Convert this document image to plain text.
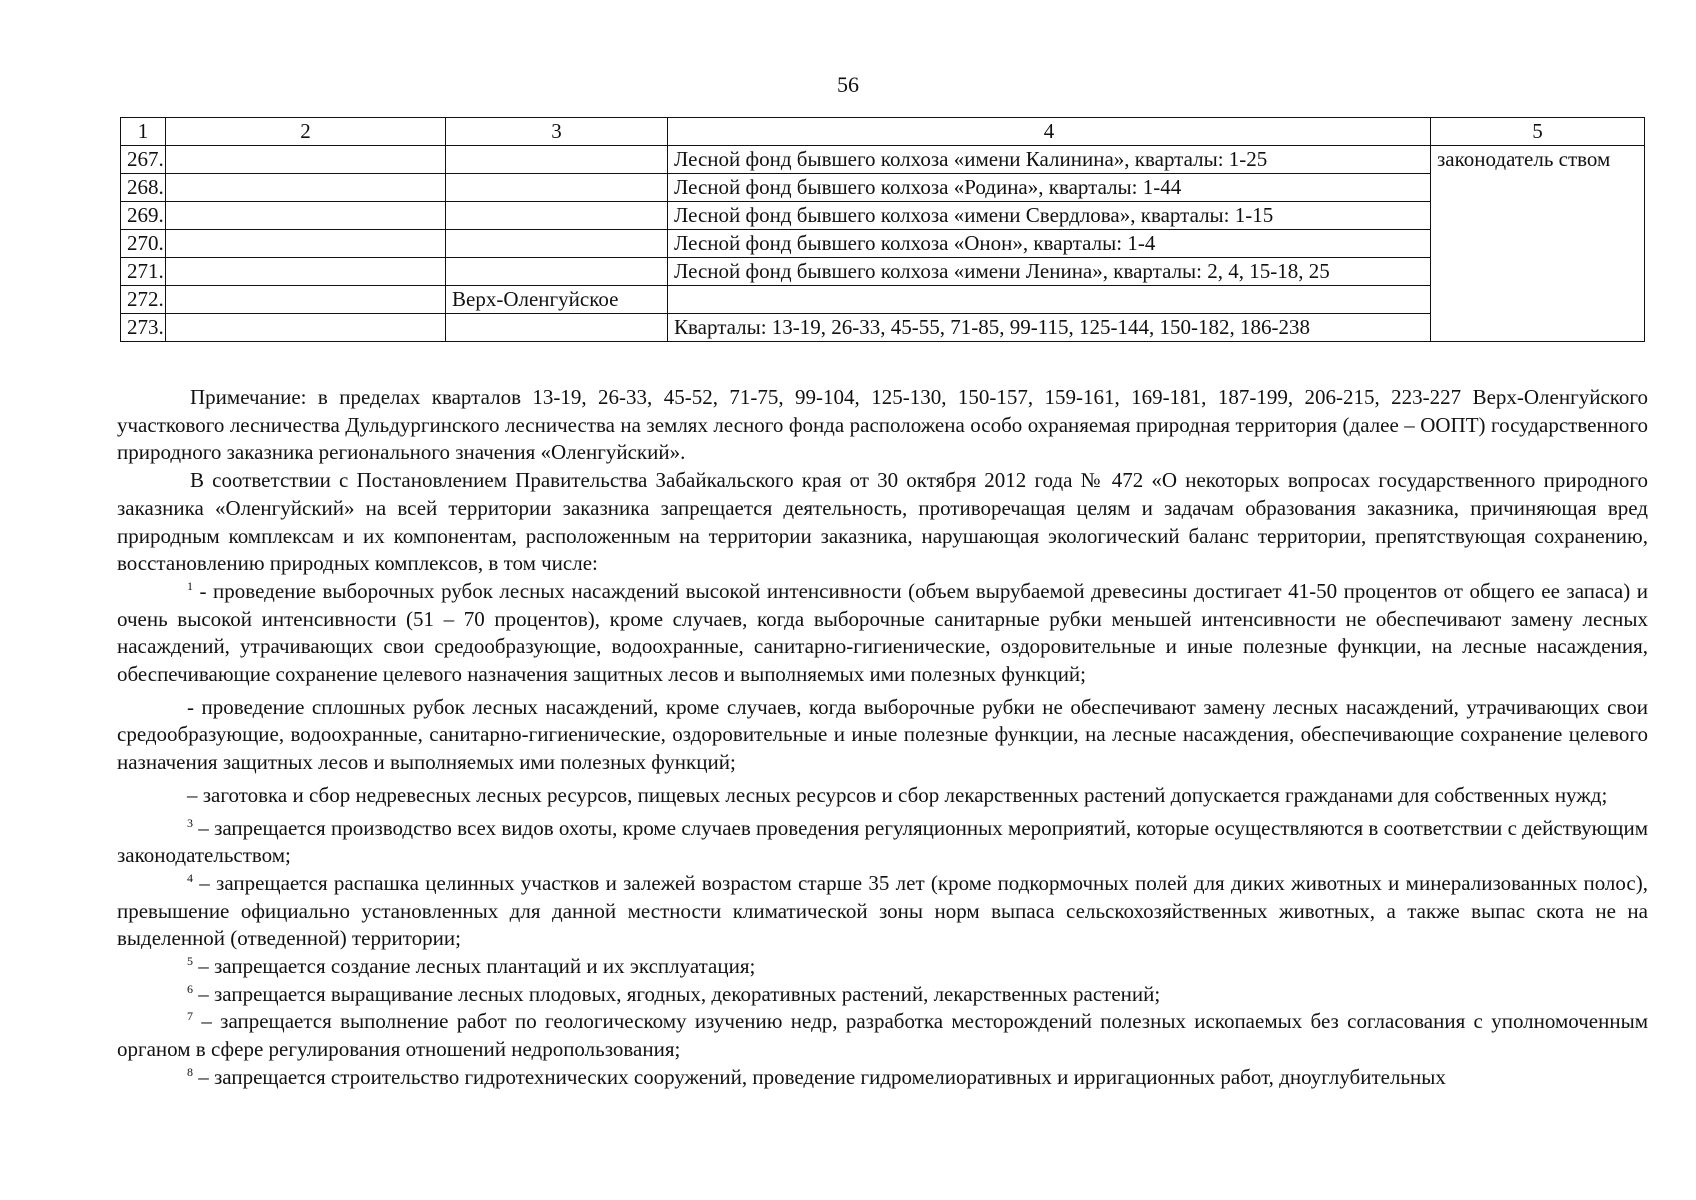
56
1	2	3	4	5
267.			Лесной фонд бывшего колхоза «имени Калинина», кварталы: 1-25	законодатель ством
268.			Лесной фонд бывшего колхоза «Родина», кварталы: 1-44	
269.			Лесной фонд бывшего колхоза «имени Свердлова», кварталы: 1-15	
270.			Лесной фонд бывшего колхоза «Онон», кварталы: 1-4	
271.			Лесной фонд бывшего колхоза «имени Ленина», кварталы: 2, 4, 15-18, 25	
272.		Верх-Оленгуйское		
273.			Кварталы: 13-19, 26-33, 45-55, 71-85, 99-115, 125-144, 150-182, 186-238	

Примечание: в пределах кварталов 13-19, 26-33, 45-52, 71-75, 99-104, 125-130, 150-157, 159-161, 169-181, 187-199, 206-215, 223-227 Верх-Оленгуйского участкового лесничества Дульдургинского лесничества на землях лесного фонда расположена особо охраняемая природная территория (далее – ООПТ) государственного природного заказника регионального значения «Оленгуйский».

В соответствии с Постановлением Правительства Забайкальского края от 30 октября 2012 года № 472 «О некоторых вопросах государственного природного заказника «Оленгуйский» на всей территории заказника запрещается деятельность, противоречащая целям и задачам образования заказника, причиняющая вред природным комплексам и их компонентам, расположенным на территории заказника, нарушающая экологический баланс территории, препятствующая сохранению, восстановлению природных комплексов, в том числе:

$^1$ - проведение выборочных рубок лесных насаждений высокой интенсивности (объем вырубаемой древесины достигает 41-50 процентов от общего ее запаса) и очень высокой интенсивности (51 – 70 процентов), кроме случаев, когда выборочные санитарные рубки меньшей интенсивности не обеспечивают замену лесных насаждений, утрачивающих свои средообразующие, водоохранные, санитарно-гигиенические, оздоровительные и иные полезные функции, на лесные насаждения, обеспечивающие сохранение целевого назначения защитных лесов и выполняемых ими полезных функций;

- проведение сплошных рубок лесных насаждений, кроме случаев, когда выборочные рубки не обеспечивают замену лесных насаждений, утрачивающих свои средообразующие, водоохранные, санитарно-гигиенические, оздоровительные и иные полезные функции, на лесные насаждения, обеспечивающие сохранение целевого назначения защитных лесов и выполняемых ими полезных функций;

– заготовка и сбор недревесных лесных ресурсов, пищевых лесных ресурсов и сбор лекарственных растений допускается гражданами для собственных нужд;

$^3$ – запрещается производство всех видов охоты, кроме случаев проведения регуляционных мероприятий, которые осуществляются в соответствии с действующим законодательством;

$^4$ – запрещается распашка целинных участков и залежей возрастом старше 35 лет (кроме подкормочных полей для диких животных и минерализованных полос), превышение официально установленных для данной местности климатической зоны норм выпаса сельскохозяйственных животных, а также выпас скота не на выделенной (отведенной) территории;

$^5$ – запрещается создание лесных плантаций и их эксплуатация;

$^6$ – запрещается выращивание лесных плодовых, ягодных, декоративных растений, лекарственных растений;

$^7$ – запрещается выполнение работ по геологическому изучению недр, разработка месторождений полезных ископаемых без согласования с уполномоченным органом в сфере регулирования отношений недропользования;

$^8$ – запрещается строительство гидротехнических сооружений, проведение гидромелиоративных и ирригационных работ, дноуглубительных
